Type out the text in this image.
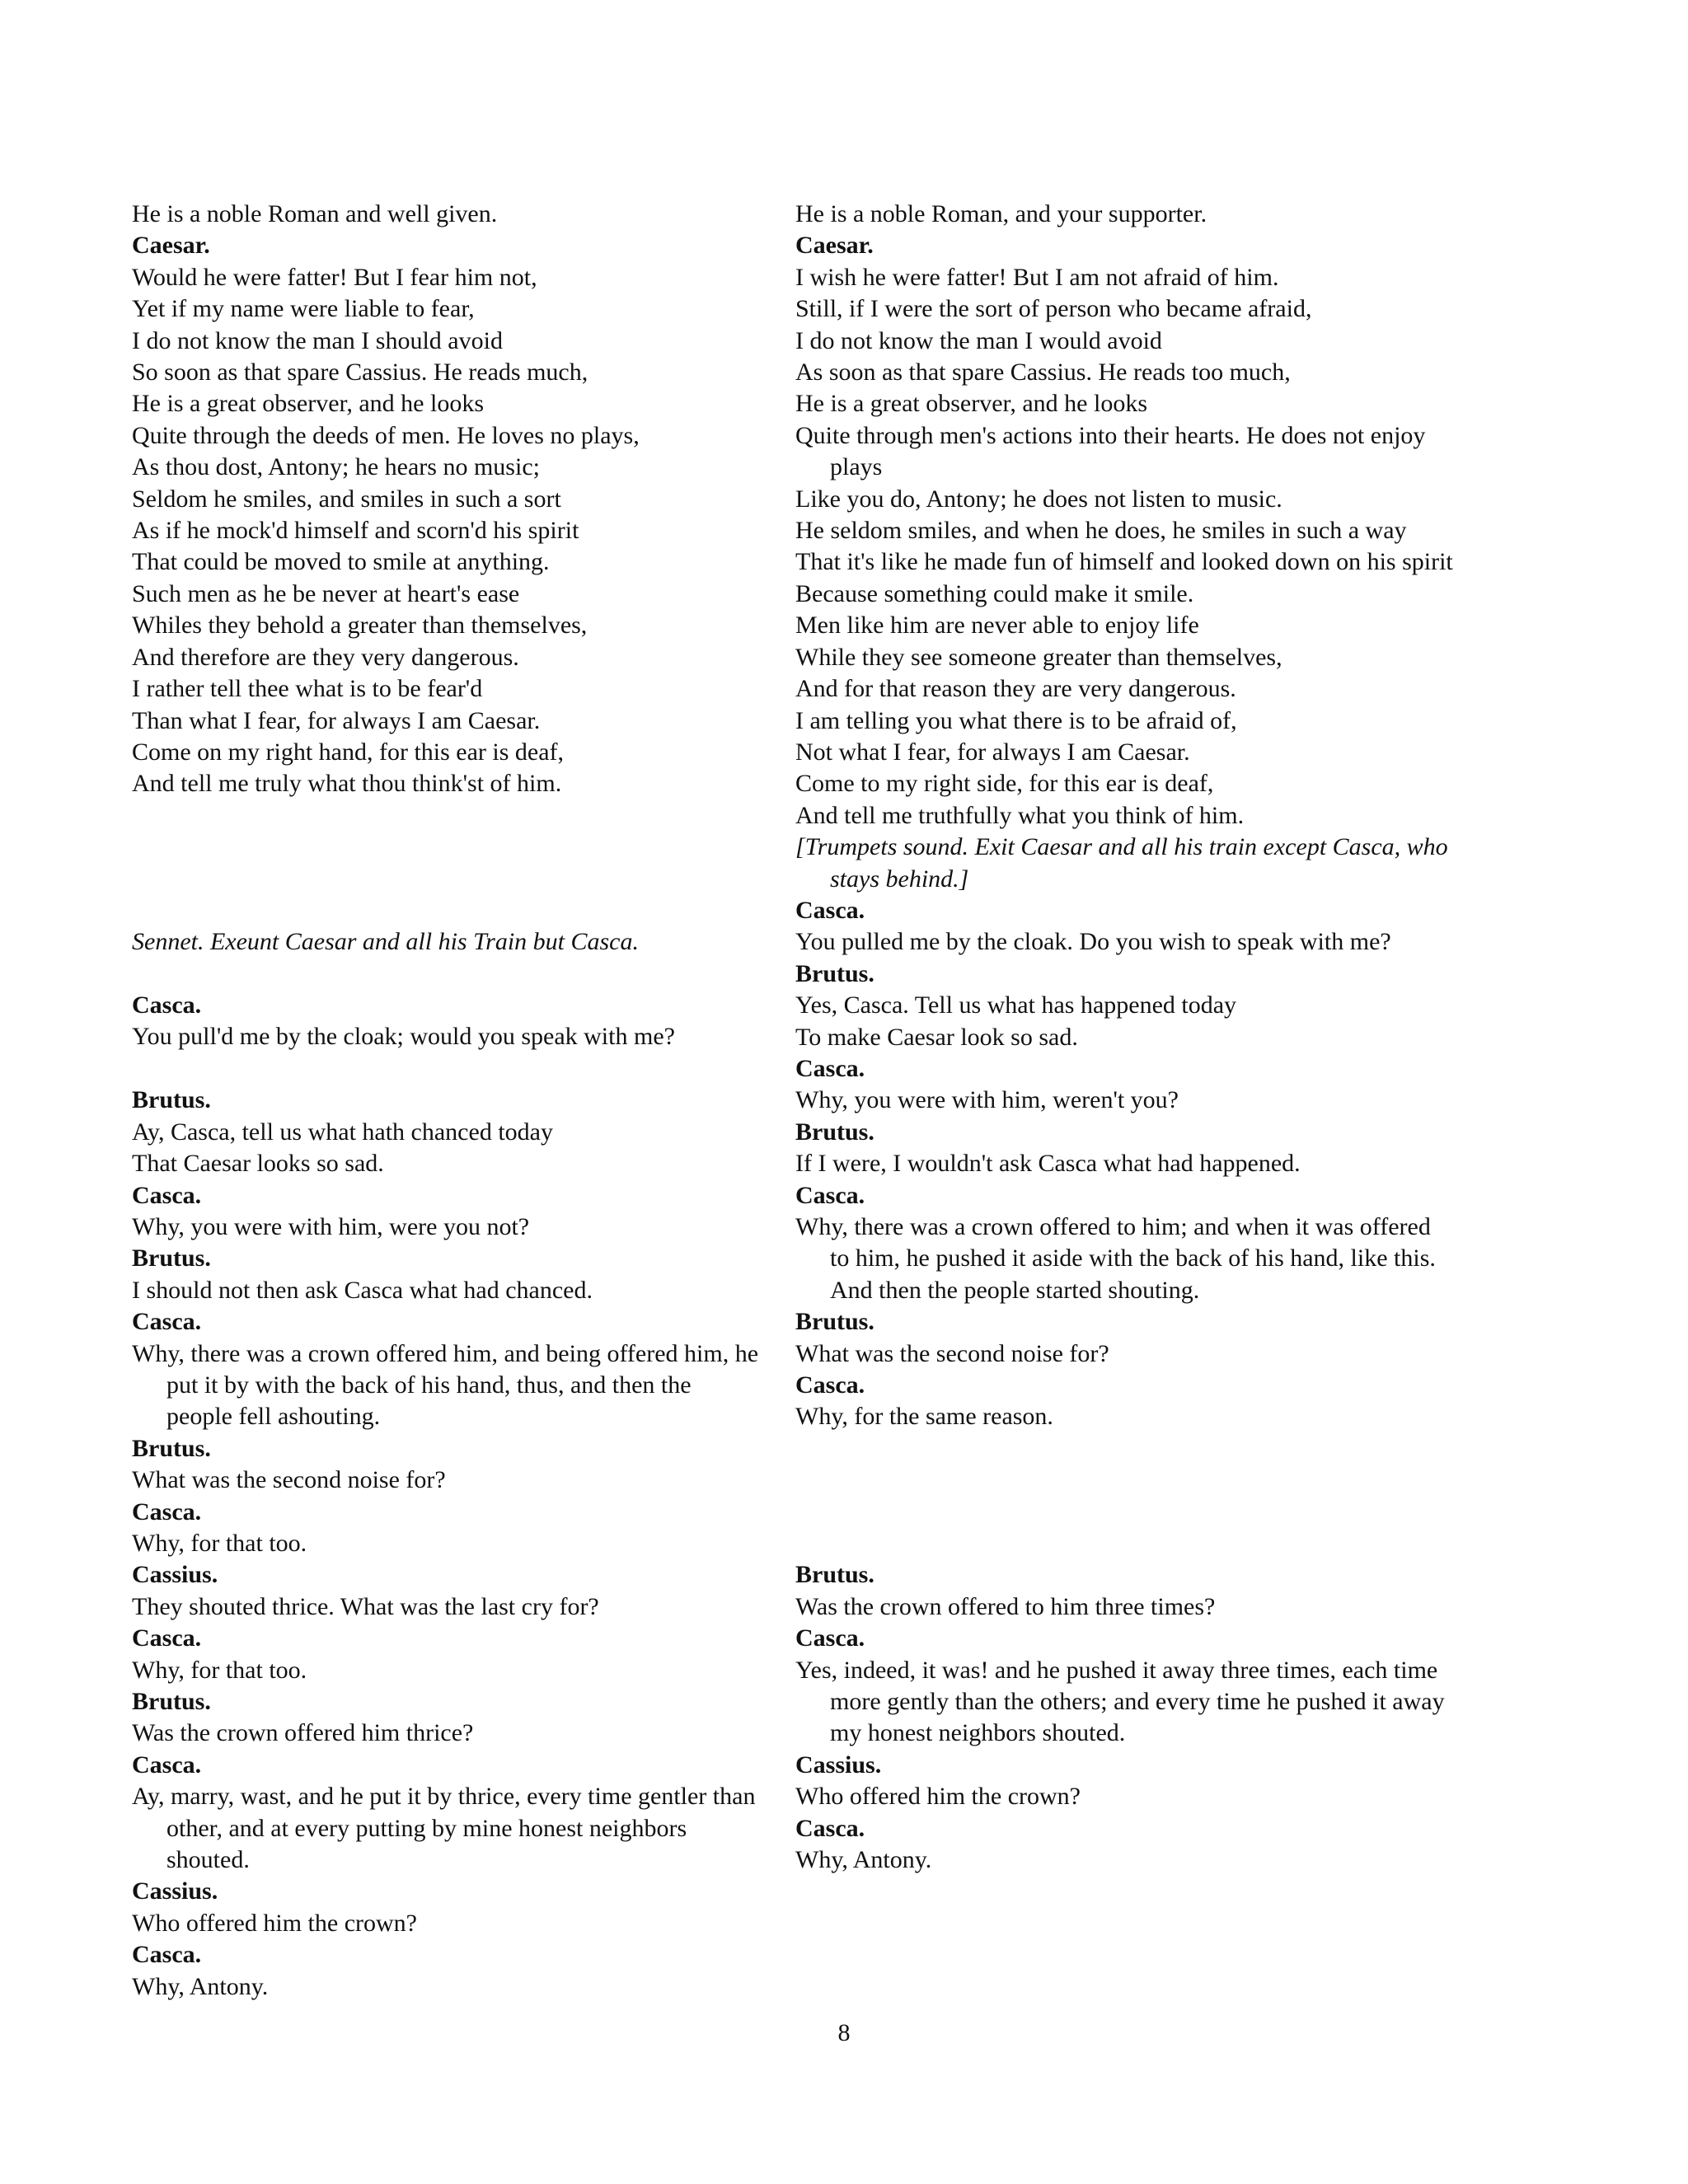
He is a noble Roman and well given.
Caesar.
Would he were fatter! But I fear him not,
Yet if my name were liable to fear,
I do not know the man I should avoid
So soon as that spare Cassius. He reads much,
He is a great observer, and he looks
Quite through the deeds of men. He loves no plays,
As thou dost, Antony; he hears no music;
Seldom he smiles, and smiles in such a sort
As if he mock'd himself and scorn'd his spirit
That could be moved to smile at anything.
Such men as he be never at heart's ease
Whiles they behold a greater than themselves,
And therefore are they very dangerous.
I rather tell thee what is to be fear'd
Than what I fear, for always I am Caesar.
Come on my right hand, for this ear is deaf,
And tell me truly what thou think'st of him.
Sennet. Exeunt Caesar and all his Train but Casca.
Casca.
You pull'd me by the cloak; would you speak with me?
Brutus.
Ay, Casca, tell us what hath chanced today
That Caesar looks so sad.
Casca.
Why, you were with him, were you not?
Brutus.
I should not then ask Casca what had chanced.
Casca.
Why, there was a crown offered him, and being offered him, he put it by with the back of his hand, thus, and then the people fell ashouting.
Brutus.
What was the second noise for?
Casca.
Why, for that too.
Cassius.
They shouted thrice. What was the last cry for?
Casca.
Why, for that too.
Brutus.
Was the crown offered him thrice?
Casca.
Ay, marry, wast, and he put it by thrice, every time gentler than other, and at every putting by mine honest neighbors shouted.
Cassius.
Who offered him the crown?
Casca.
Why, Antony.
He is a noble Roman, and your supporter.
Caesar.
I wish he were fatter! But I am not afraid of him.
Still, if I were the sort of person who became afraid,
I do not know the man I would avoid
As soon as that spare Cassius. He reads too much,
He is a great observer, and he looks
Quite through men's actions into their hearts. He does not enjoy plays
Like you do, Antony; he does not listen to music.
He seldom smiles, and when he does, he smiles in such a way
That it's like he made fun of himself and looked down on his spirit
Because something could make it smile.
Men like him are never able to enjoy life
While they see someone greater than themselves,
And for that reason they are very dangerous.
I am telling you what there is to be afraid of,
Not what I fear, for always I am Caesar.
Come to my right side, for this ear is deaf,
And tell me truthfully what you think of him.
[Trumpets sound. Exit Caesar and all his train except Casca, who stays behind.]
Casca.
You pulled me by the cloak. Do you wish to speak with me?
Brutus.
Yes, Casca. Tell us what has happened today
To make Caesar look so sad.
Casca.
Why, you were with him, weren't you?
Brutus.
If I were, I wouldn't ask Casca what had happened.
Casca.
Why, there was a crown offered to him; and when it was offered to him, he pushed it aside with the back of his hand, like this. And then the people started shouting.
Brutus.
What was the second noise for?
Casca.
Why, for the same reason.
Brutus.
Was the crown offered to him three times?
Casca.
Yes, indeed, it was! and he pushed it away three times, each time more gently than the others; and every time he pushed it away my honest neighbors shouted.
Cassius.
Who offered him the crown?
Casca.
Why, Antony.
8
